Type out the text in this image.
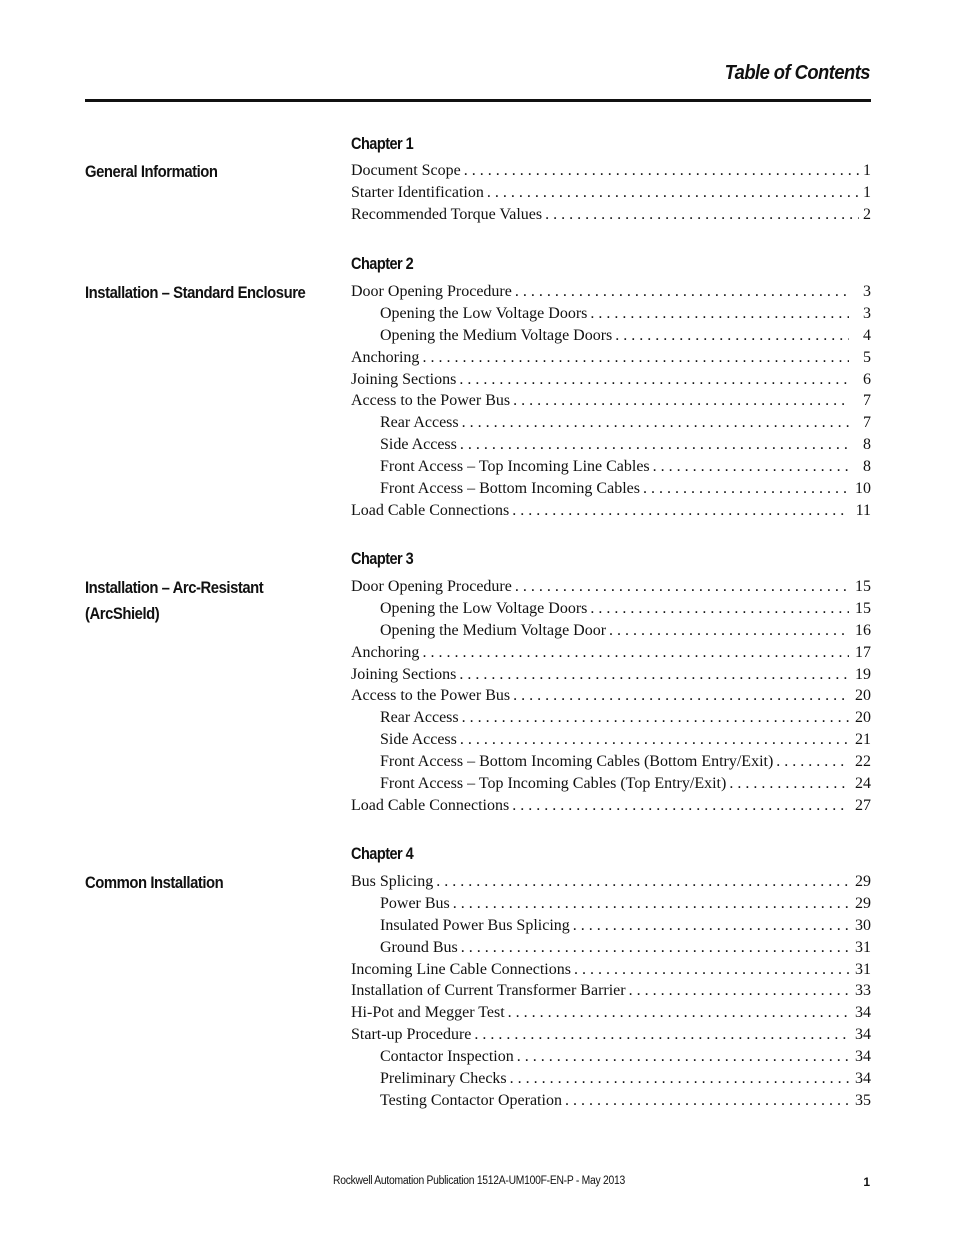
Table of Contents
Chapter 1
General Information	Document Scope . . .	1
Starter Identification . . .	1
Recommended Torque Values . . .	2
Chapter 2
Installation – Standard Enclosure	Door Opening Procedure . . .	3
Opening the Low Voltage Doors . . .	3
Opening the Medium Voltage Doors . . .	4
Anchoring . . .	5
Joining Sections . . .	6
Access to the Power Bus . . .	7
Rear Access . . .	7
Side Access . . .	8
Front Access – Top Incoming Line Cables . . .	8
Front Access – Bottom Incoming Cables . . .	10
Load Cable Connections . . .	11
Chapter 3
Installation – Arc-Resistant (ArcShield)
Door Opening Procedure . . .	15
Opening the Low Voltage Doors . . .	15
Opening the Medium Voltage Door . . .	16
Anchoring . . .	17
Joining Sections . . .	19
Access to the Power Bus . . .	20
Rear Access . . .	20
Side Access . . .	21
Front Access – Bottom Incoming Cables (Bottom Entry/Exit) . . .	22
Front Access – Top Incoming Cables (Top Entry/Exit) . . .	24
Load Cable Connections . . .	27
Chapter 4
Common Installation	Bus Splicing . . .	29
Power Bus . . .	29
Insulated Power Bus Splicing . . .	30
Ground Bus . . .	31
Incoming Line Cable Connections . . .	31
Installation of Current Transformer Barrier . . .	33
Hi-Pot and Megger Test . . .	34
Start-up Procedure . . .	34
Contactor Inspection . . .	34
Preliminary Checks . . .	34
Testing Contactor Operation . . .	35
Rockwell Automation Publication 1512A-UM100F-EN-P - May 2013	1
